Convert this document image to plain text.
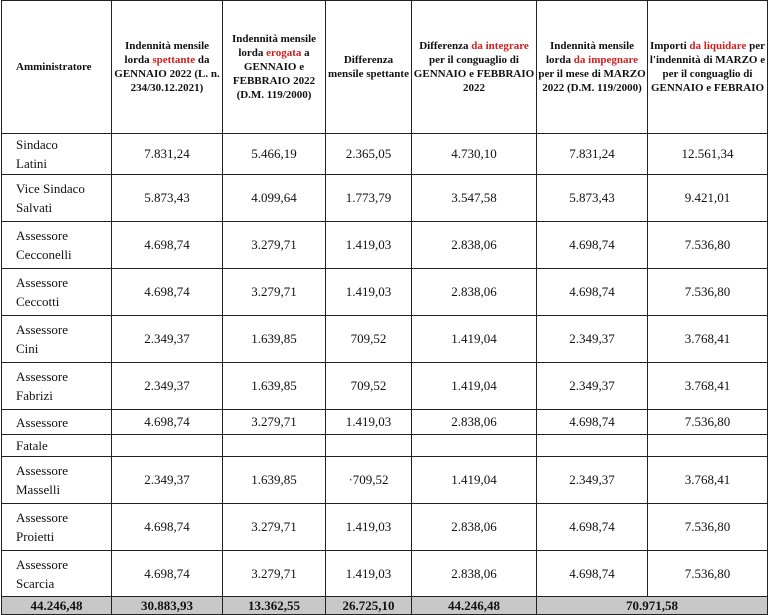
Amministratore	Indennità mensile lorda spettante da GENNAIO 2022 (L. n. 234/30.12.2021)	Indennità mensile lorda erogata a GENNAIO e FEBBRAIO 2022 (D.M. 119/2000)	Differenza mensile spettante	Differenza da integrare per il conguaglio di GENNAIO e FEBBRAIO 2022	Indennità mensile lorda da impegnare per il mese di MARZO 2022 (D.M. 119/2000)	Importi da liquidare per l'indennità di MARZO e per il conguaglio di GENNAIO e FEBRAIO

Sindaco
Latini	7.831,24	5.466,19	2.365,05	4.730,10	7.831,24	12.561,34

Vice Sindaco
Salvati	5.873,43	4.099,64	1.773,79	3.547,58	5.873,43	9.421,01

Assessore
Cecconelli	4.698,74	3.279,71	1.419,03	2.838,06	4.698,74	7.536,80

Assessore
Ceccotti	4.698,74	3.279,71	1.419,03	2.838,06	4.698,74	7.536,80

Assessore
Cini	2.349,37	1.639,85	709,52	1.419,04	2.349,37	3.768,41

Assessore
Fabrizi	2.349,37	1.639,85	709,52	1.419,04	2.349,37	3.768,41

Assessore	4.698,74	3.279,71	1.419,03	2.838,06	4.698,74	7.536,80

Fatale						

Assessore
Masselli	2.349,37	1.639,85	·709,52	1.419,04	2.349,37	3.768,41

Assessore
Proietti	4.698,74	3.279,71	1.419,03	2.838,06	4.698,74	7.536,80

Assessore
Scarcia	4.698,74	3.279,71	1.419,03	2.838,06	4.698,74	7.536,80
44.246,48	30.883,93	13.362,55	26.725,10	44.246,48	70.971,58	
